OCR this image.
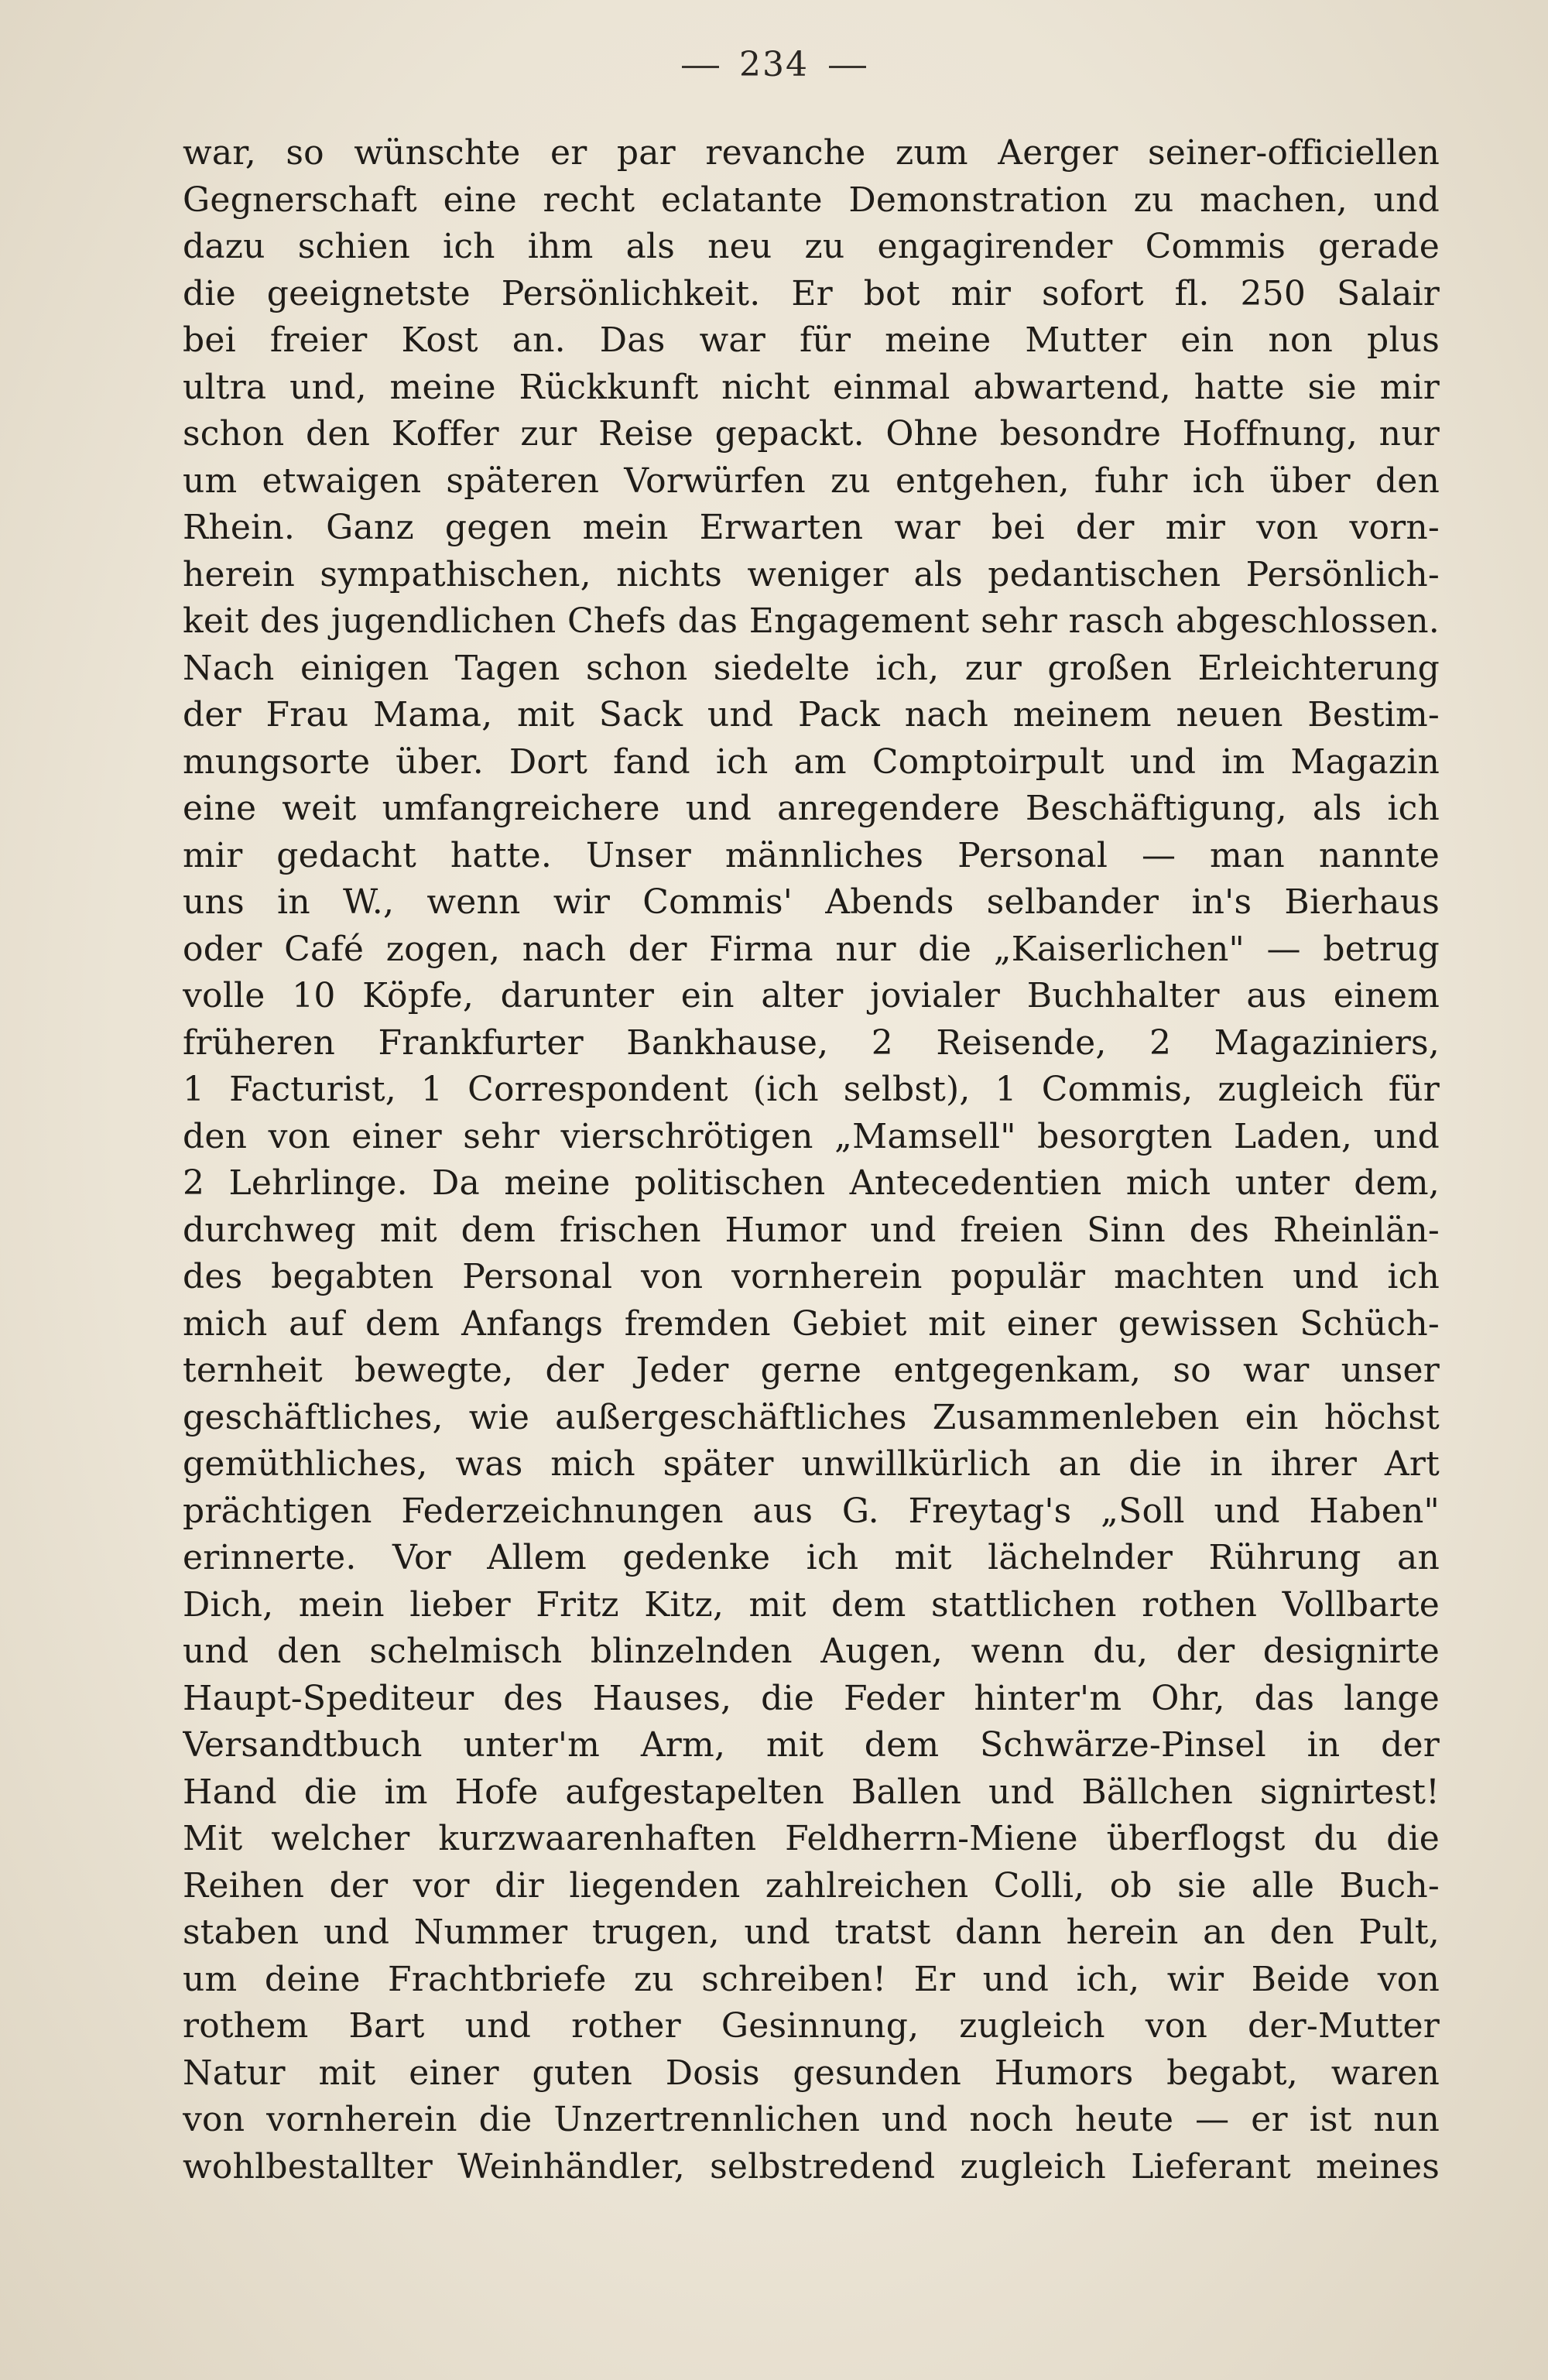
234
war, so wünschte er par revanche zum Aerger seiner-officiellen
Gegnerschaft eine recht eclatante Demonstration zu machen, und
dazu schien ich ihm als neu zu engagirender Commis gerade
die geeignetste Persönlichkeit. Er bot mir sofort fl. 250 Salair
bei freier Kost an. Das war für meine Mutter ein non plus
ultra und, meine Rückkunft nicht einmal abwartend, hatte sie mir
schon den Koffer zur Reise gepackt. Ohne besondre Hoffnung, nur
um etwaigen späteren Vorwürfen zu entgehen, fuhr ich über den
Rhein. Ganz gegen mein Erwarten war bei der mir von vorn-
herein sympathischen, nichts weniger als pedantischen Persönlich-
keit des jugendlichen Chefs das Engagement sehr rasch abgeschlossen.
Nach einigen Tagen schon siedelte ich, zur großen Erleichterung
der Frau Mama, mit Sack und Pack nach meinem neuen Bestim-
mungsorte über. Dort fand ich am Comptoirpult und im Magazin
eine weit umfangreichere und anregendere Beschäftigung, als ich
mir gedacht hatte. Unser männliches Personal — man nannte
uns in W., wenn wir Commis' Abends selbander in's Bierhaus
oder Café zogen, nach der Firma nur die „Kaiserlichen" — betrug
volle 10 Köpfe, darunter ein alter jovialer Buchhalter aus einem
früheren Frankfurter Bankhause, 2 Reisende, 2 Magaziniers,
1 Facturist, 1 Correspondent (ich selbst), 1 Commis, zugleich für
den von einer sehr vierschrötigen „Mamsell" besorgten Laden, und
2 Lehrlinge. Da meine politischen Antecedentien mich unter dem,
durchweg mit dem frischen Humor und freien Sinn des Rheinlän-
des begabten Personal von vornherein populär machten und ich
mich auf dem Anfangs fremden Gebiet mit einer gewissen Schüch-
ternheit bewegte, der Jeder gerne entgegenkam, so war unser
geschäftliches, wie außergeschäftliches Zusammenleben ein höchst
gemüthliches, was mich später unwillkürlich an die in ihrer Art
prächtigen Federzeichnungen aus G. Freytag's „Soll und Haben"
erinnerte. Vor Allem gedenke ich mit lächelnder Rührung an
Dich, mein lieber Fritz Kitz, mit dem stattlichen rothen Vollbarte
und den schelmisch blinzelnden Augen, wenn du, der designirte
Haupt-Spediteur des Hauses, die Feder hinter'm Ohr, das lange
Versandtbuch unter'm Arm, mit dem Schwärze-Pinsel in der
Hand die im Hofe aufgestapelten Ballen und Bällchen signirtest!
Mit welcher kurzwaarenhaften Feldherrn-Miene überflogst du die
Reihen der vor dir liegenden zahlreichen Colli, ob sie alle Buch-
staben und Nummer trugen, und tratst dann herein an den Pult,
um deine Frachtbriefe zu schreiben! Er und ich, wir Beide von
rothem Bart und rother Gesinnung, zugleich von der-Mutter
Natur mit einer guten Dosis gesunden Humors begabt, waren
von vornherein die Unzertrennlichen und noch heute — er ist nun
wohlbestallter Weinhändler, selbstredend zugleich Lieferant meines
